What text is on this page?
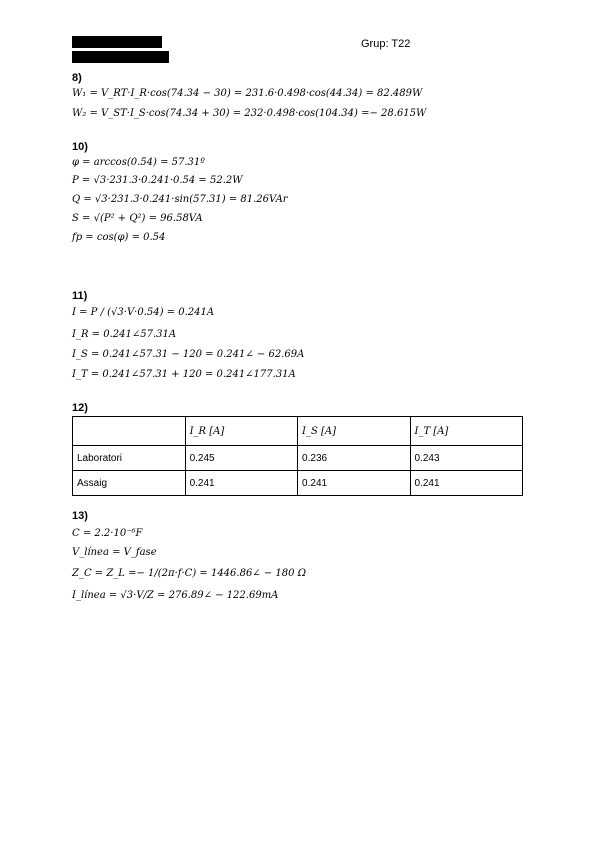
Grup: T22
8)
W₁ = V_RT·I_R·cos(74.34 − 30) = 231.6·0.498·cos(44.34) = 82.489W
W₂ = V_ST·I_S·cos(74.34 + 30) = 232·0.498·cos(104.34) =− 28.615W
10)
φ = arccos(0.54) = 57.31º
P = √3·231.3·0.241·0.54 = 52.2W
Q = √3·231.3·0.241·sin(57.31) = 81.26VAr
S = √(P² + Q²) = 96.58VA
fp = cos(φ) = 0.54
11)
I = P / (√3·V·0.54) = 0.241A
I_R = 0.241∠57.31A
I_S = 0.241∠57.31 − 120 = 0.241∠ − 62.69A
I_T = 0.241∠57.31 + 120 = 0.241∠177.31A
12)
	I_R [A]	I_S [A]	I_T [A]
Laboratori	0.245	0.236	0.243
Assaig	0.241	0.241	0.241
13)
C = 2.2·10⁻⁶F
V_línea = V_fase
Z_C = Z_L =− 1/(2π·f·C) = 1446.86∠ − 180 Ω
I_línea = √3·V/Z = 276.89∠ − 122.69mA
